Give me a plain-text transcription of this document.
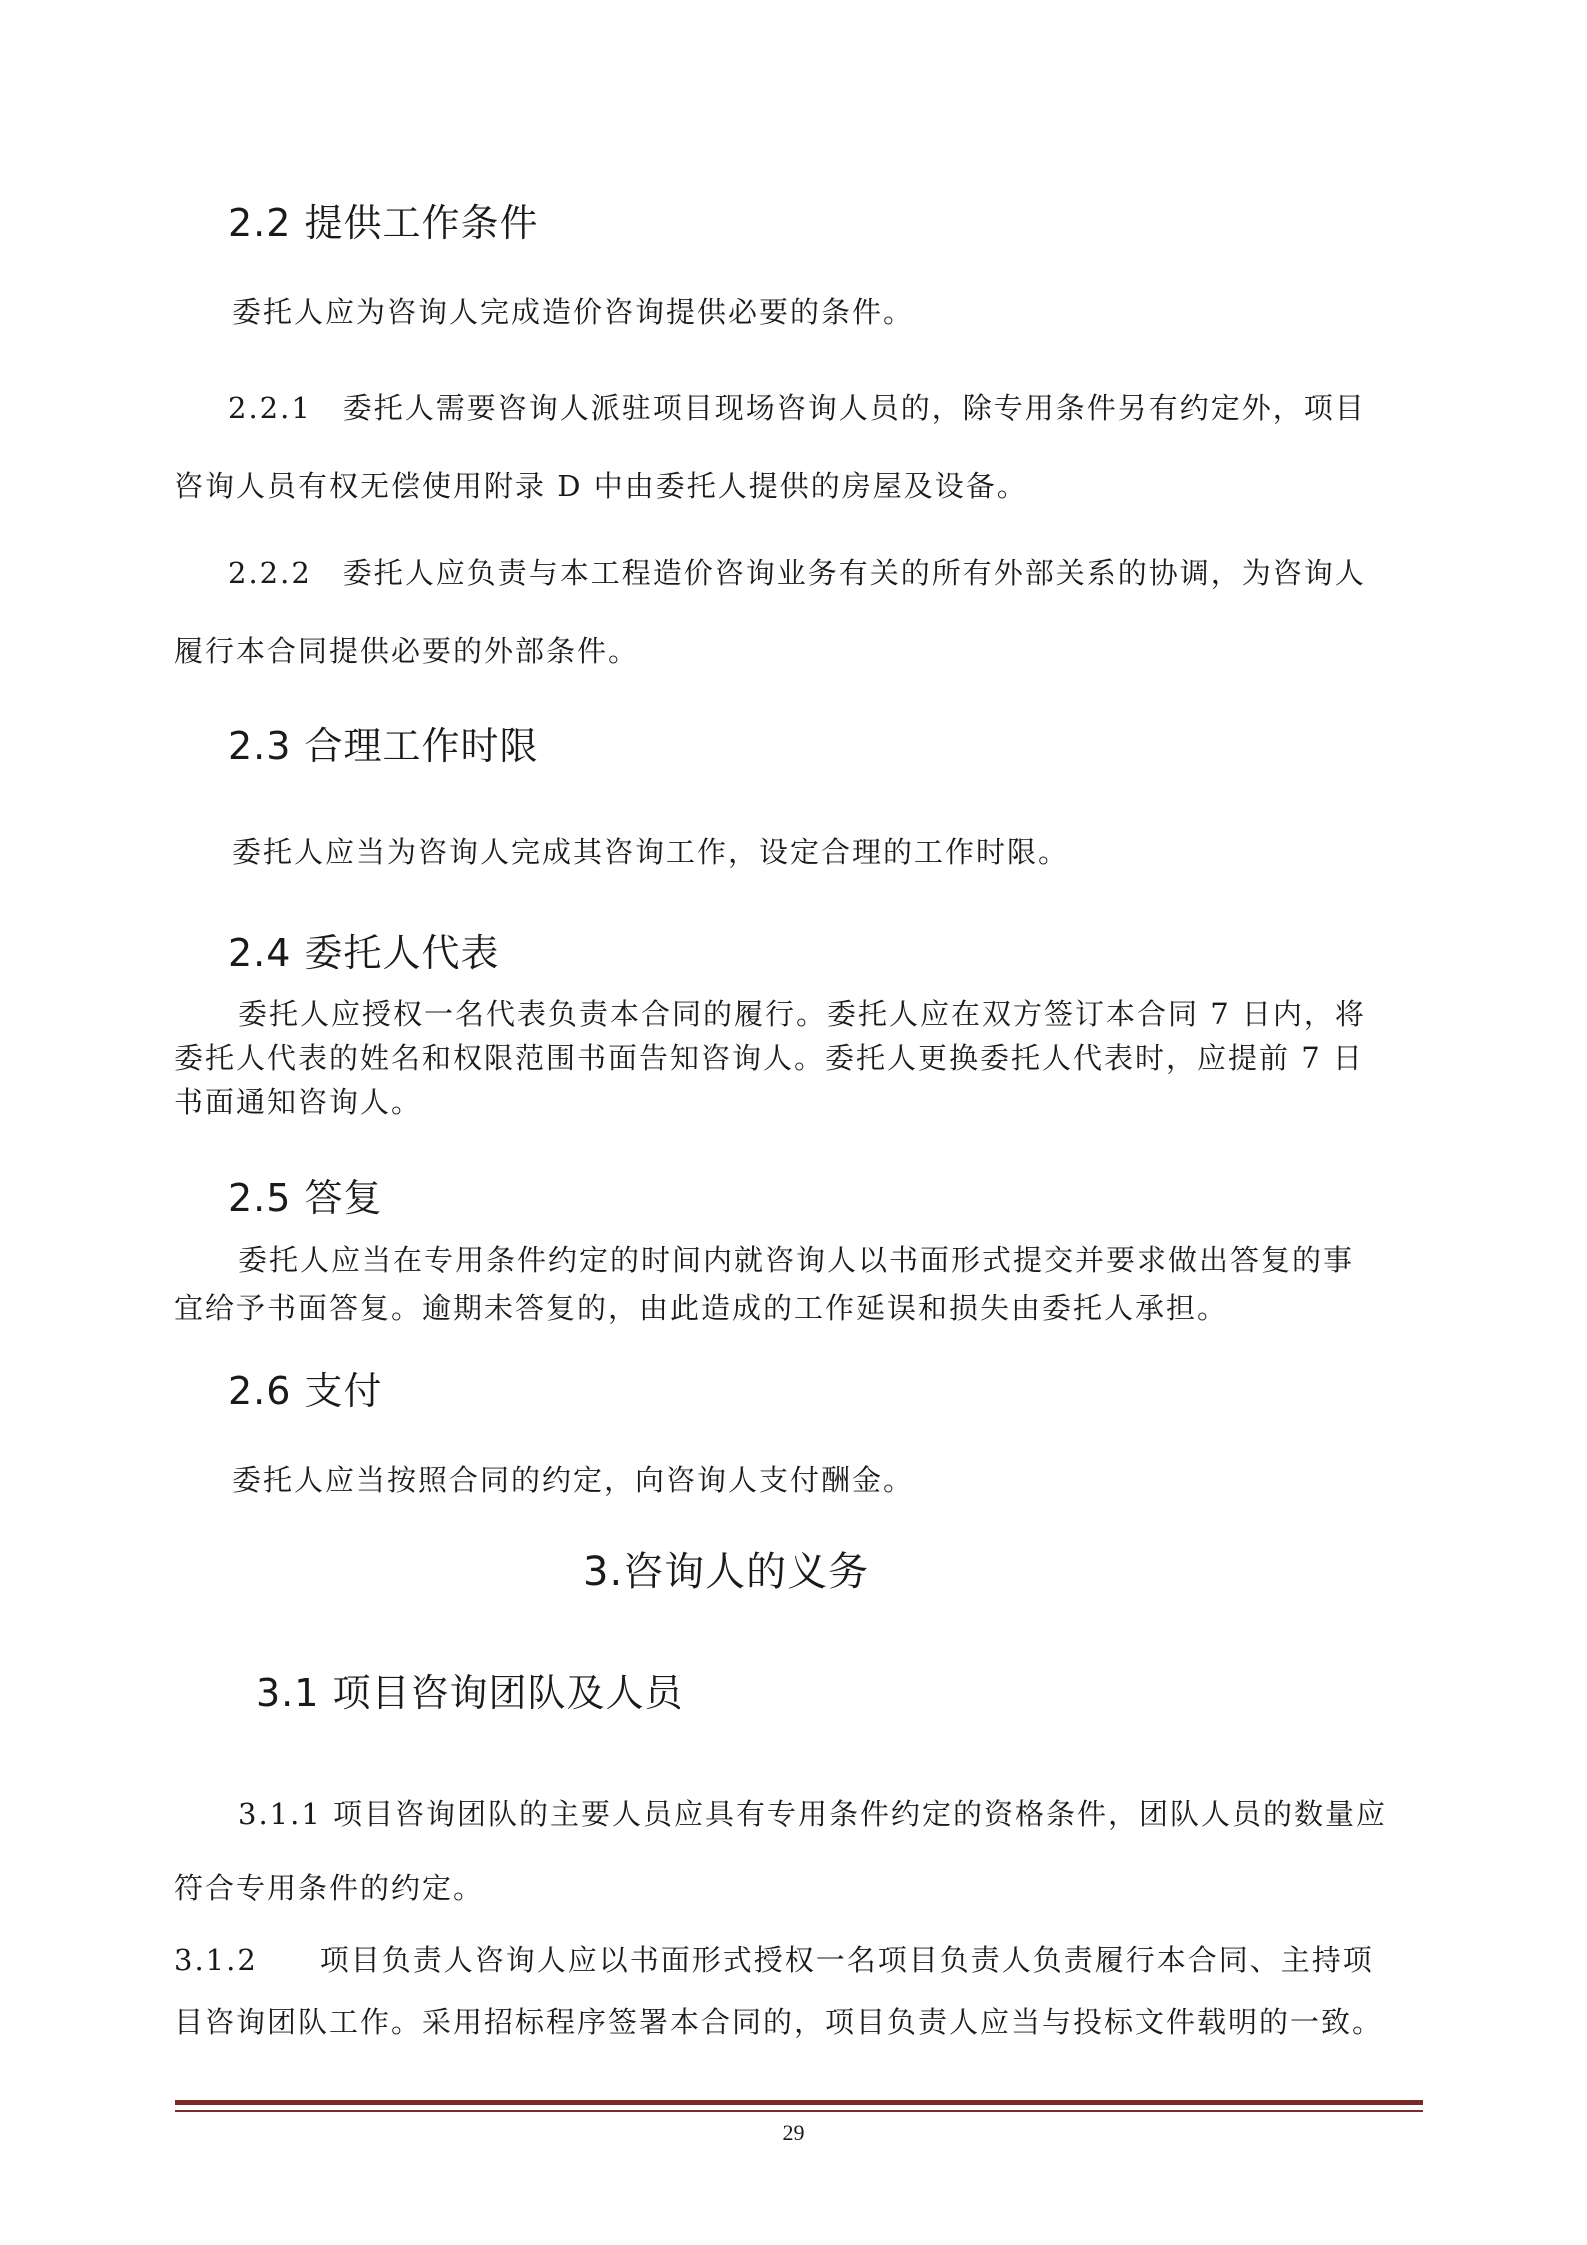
2.2 提供工作条件
委托人应为咨询人完成造价咨询提供必要的条件。
2.2.1　委托人需要咨询人派驻项目现场咨询人员的，除专用条件另有约定外，项目
咨询人员有权无偿使用附录 D 中由委托人提供的房屋及设备。
2.2.2　委托人应负责与本工程造价咨询业务有关的所有外部关系的协调，为咨询人
履行本合同提供必要的外部条件。
2.3 合理工作时限
委托人应当为咨询人完成其咨询工作，设定合理的工作时限。
2.4 委托人代表
委托人应授权一名代表负责本合同的履行。委托人应在双方签订本合同 7 日内，将
委托人代表的姓名和权限范围书面告知咨询人。委托人更换委托人代表时，应提前 7 日
书面通知咨询人。
2.5 答复
委托人应当在专用条件约定的时间内就咨询人以书面形式提交并要求做出答复的事
宜给予书面答复。逾期未答复的，由此造成的工作延误和损失由委托人承担。
2.6 支付
委托人应当按照合同的约定，向咨询人支付酬金。
3.咨询人的义务
3.1 项目咨询团队及人员
3.1.1 项目咨询团队的主要人员应具有专用条件约定的资格条件，团队人员的数量应
符合专用条件的约定。
3.1.2　　项目负责人咨询人应以书面形式授权一名项目负责人负责履行本合同、主持项
目咨询团队工作。采用招标程序签署本合同的，项目负责人应当与投标文件载明的一致。
29
